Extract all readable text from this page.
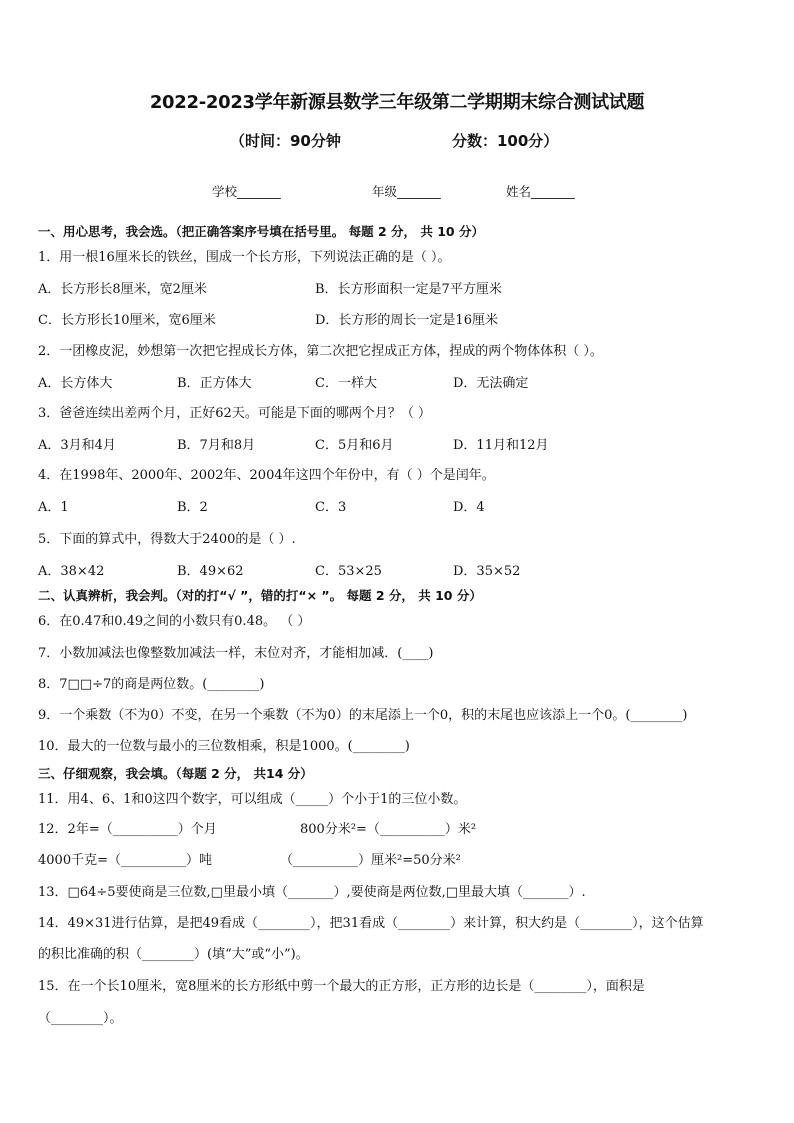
2022-2023学年新源县数学三年级第二学期期末综合测试试题
（时间：90分钟	分数：100分）
学校_______	年级_______	姓名_______
一、用心思考，我会选。（把正确答案序号填在括号里。 每题 2 分， 共 10 分）
1．用一根16厘米长的铁丝，围成一个长方形，下列说法正确的是（ ）。
A．长方形长8厘米，宽2厘米	B．长方形面积一定是7平方厘米
C．长方形长10厘米，宽6厘米	D．长方形的周长一定是16厘米
2．一团橡皮泥，妙想第一次把它捏成长方体，第二次把它捏成正方体，捏成的两个物体体积（ ）。
A．长方体大	B．正方体大	C．一样大	D．无法确定
3．爸爸连续出差两个月，正好62天。可能是下面的哪两个月？（ ）
A．3月和4月	B．7月和8月	C．5月和6月	D．11月和12月
4．在1998年、2000年、2002年、2004年这四个年份中，有（ ）个是闰年。
A．1	B．2	C．3	D．4
5．下面的算式中，得数大于2400的是（ ）.
A．38×42	B．49×62	C．53×25	D．35×52
二、认真辨析，我会判。（对的打“√ ”，错的打“× ”。 每题 2 分， 共 10 分）
6．在0.47和0.49之间的小数只有0.48。 （ ）
7．小数加减法也像整数加减法一样，末位对齐，才能相加减．(____)
8．7□□÷7的商是两位数。(________)
9．一个乘数（不为0）不变，在另一个乘数（不为0）的末尾添上一个0，积的末尾也应该添上一个0。(________)
10．最大的一位数与最小的三位数相乘，积是1000。(________)
三、仔细观察，我会填。（每题 2 分， 共14 分）
11．用4、6、1和0这四个数字，可以组成（_____）个小于1的三位小数。
12．2年=（__________）个月	800分米²=（__________）米²
4000千克=（__________）吨	（__________）厘米²=50分米²
13．□64÷5要使商是三位数,□里最小填（_______）,要使商是两位数,□里最大填（_______）.
14．49×31进行估算，是把49看成（________），把31看成（________）来计算，积大约是（________），这个估算
的积比准确的积（________）(填“大”或“小”)。
15．在一个长10厘米，宽8厘米的长方形纸中剪一个最大的正方形，正方形的边长是（________），面积是
（________）。
